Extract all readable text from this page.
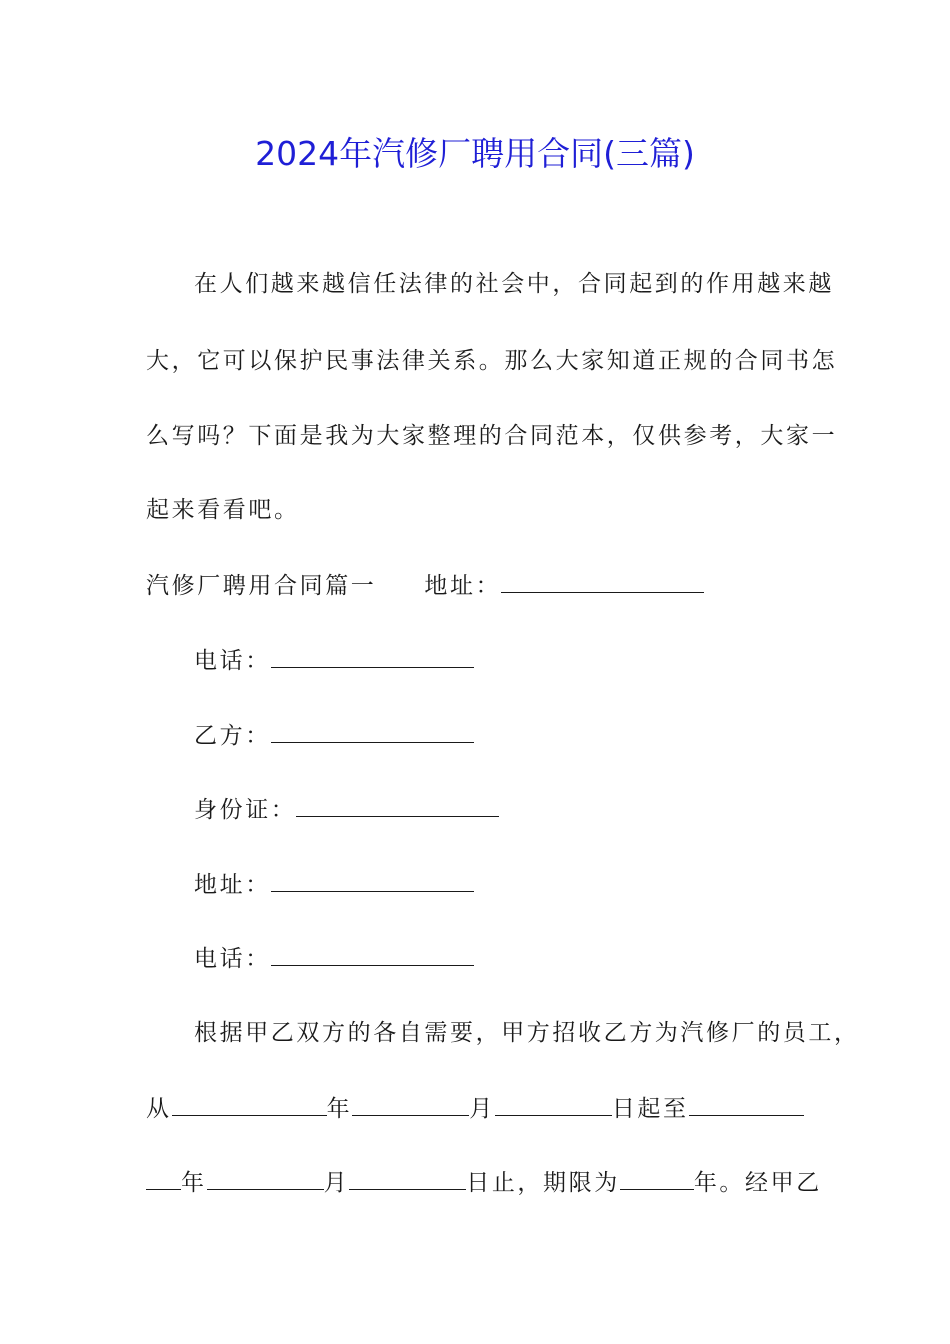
2024年汽修厂聘用合同(三篇)
在人们越来越信任法律的社会中，合同起到的作用越来越
大，它可以保护民事法律关系。那么大家知道正规的合同书怎
么写吗？下面是我为大家整理的合同范本，仅供参考，大家一
起来看看吧。
汽修厂聘用合同篇一 地址：
电话：
乙方：
身份证：
地址：
电话：
根据甲乙双方的各自需要，甲方招收乙方为汽修厂的员工，
从	年	月	日起至
年	月	日止，期限为	年。经甲乙
